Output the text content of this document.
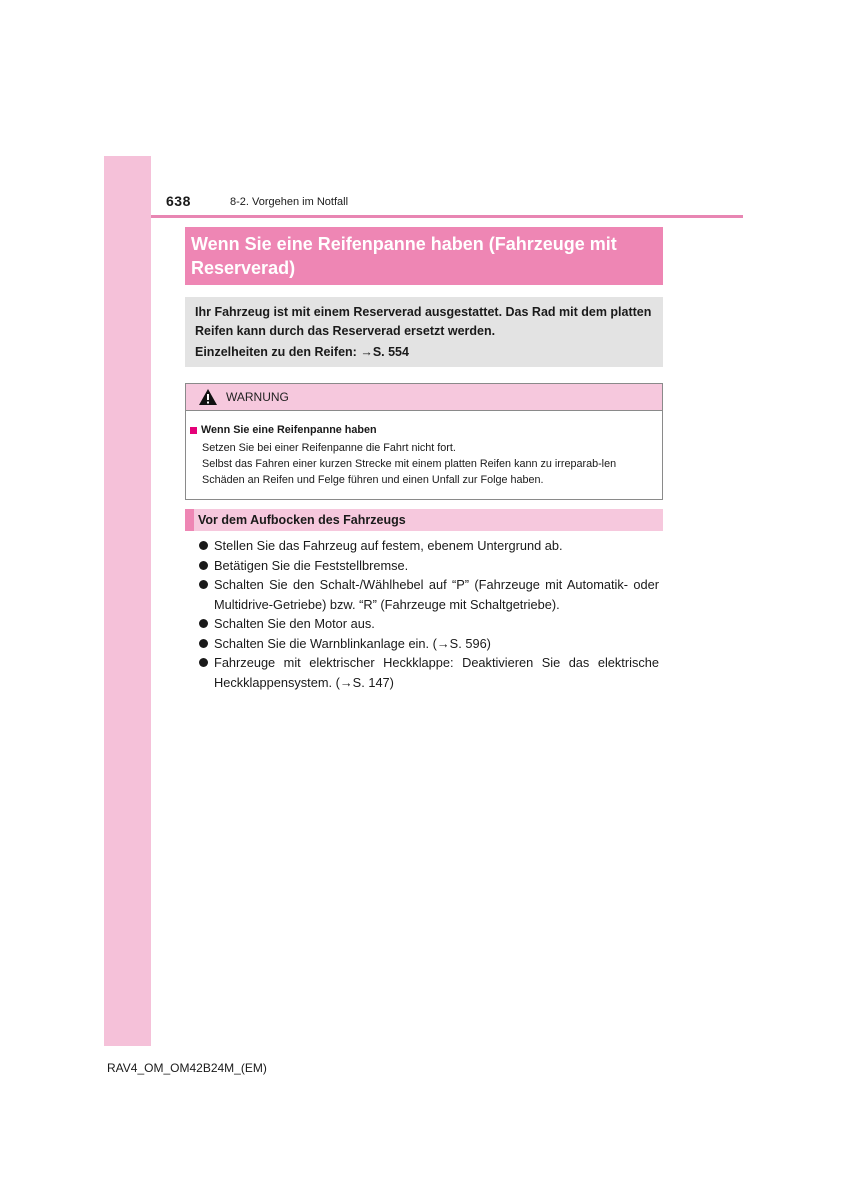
638	8-2. Vorgehen im Notfall
Wenn Sie eine Reifenpanne haben (Fahrzeuge mit Reserverad)
Ihr Fahrzeug ist mit einem Reserverad ausgestattet. Das Rad mit dem platten Reifen kann durch das Reserverad ersetzt werden.
Einzelheiten zu den Reifen: →S. 554
WARNUNG
Wenn Sie eine Reifenpanne haben
Setzen Sie bei einer Reifenpanne die Fahrt nicht fort.
Selbst das Fahren einer kurzen Strecke mit einem platten Reifen kann zu irreparab-len Schäden an Reifen und Felge führen und einen Unfall zur Folge haben.
Vor dem Aufbocken des Fahrzeugs
Stellen Sie das Fahrzeug auf festem, ebenem Untergrund ab.
Betätigen Sie die Feststellbremse.
Schalten Sie den Schalt-/Wählhebel auf “P” (Fahrzeuge mit Automatik- oder Multidrive-Getriebe) bzw. “R” (Fahrzeuge mit Schaltgetriebe).
Schalten Sie den Motor aus.
Schalten Sie die Warnblinkanlage ein. (→S. 596)
Fahrzeuge mit elektrischer Heckklappe: Deaktivieren Sie das elektrische Heckklappensystem. (→S. 147)
RAV4_OM_OM42B24M_(EM)
